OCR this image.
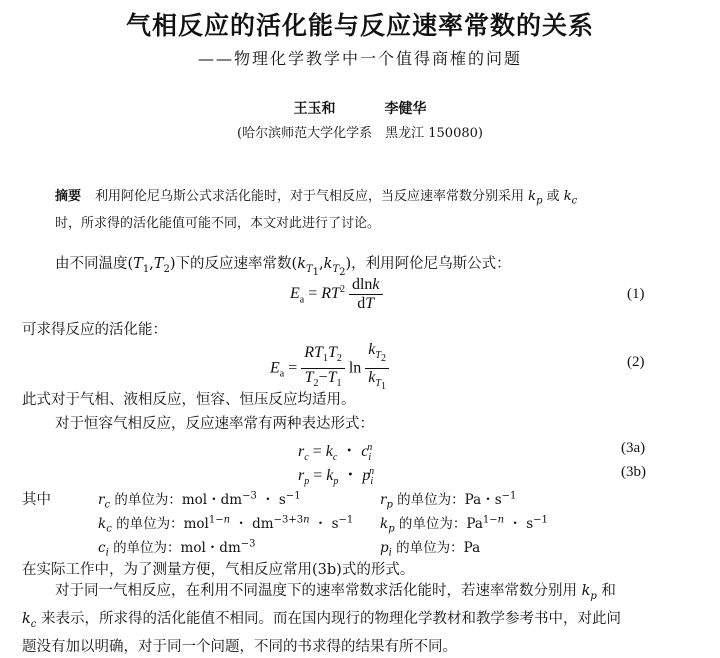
气相反应的活化能与反应速率常数的关系
——物理化学教学中一个值得商榷的问题
王玉和	李健华
(哈尔滨师范大学化学系　黑龙江 150080)
摘要 利用阿伦尼乌斯公式求活化能时，对于气相反应，当反应速率常数分别采用 $k_p$ 或 $k_c$
时，所求得的活化能值可能不同，本文对此进行了讨论。
由不同温度$(T_1,T_2)$下的反应速率常数$(k_{T_1},k_{T_2})$，利用阿伦尼乌斯公式：
$E_a = RT^2 \frac{dlnk}{dT}$	(1)
可求得反应的活化能：
$E_a = \frac{RT_1T_2}{T_2-T_1}$ $\ln \frac{k_{T_2}}{k_{T_1}}$	(2)
此式对于气相、液相反应，恒容、恒压反应均适用。
对于恒容气相反应，反应速率常有两种表达形式：
$r_c = k_c$ ・ $c_i^n$	(3a)
$r_p = k_p$ ・ $p_i^n$	(3b)
其中	$r_c$ 的单位为：mol・$dm^{-3}$ ・ $s^{-1}$	$r_p$ 的单位为：Pa・$s^{-1}$
$k_c$ 的单位为：mol$^{1-n}$ ・ $dm^{-3+3n}$ ・ $s^{-1}$ $k_p$ 的单位为：$Pa^{1-n}$ ・ $s^{-1}$
$c_i$ 的单位为：mol・$dm^{-3}$	$p_i$ 的单位为：Pa
在实际工作中，为了测量方便，气相反应常用(3b)式的形式。
对于同一气相反应，在利用不同温度下的速率常数求活化能时，若速率常数分别用 $k_p$ 和
$k_c$ 来表示，所求得的活化能值不相同。而在国内现行的物理化学教材和教学参考书中，对此问
题没有加以明确，对于同一个问题，不同的书求得的结果有所不同。
